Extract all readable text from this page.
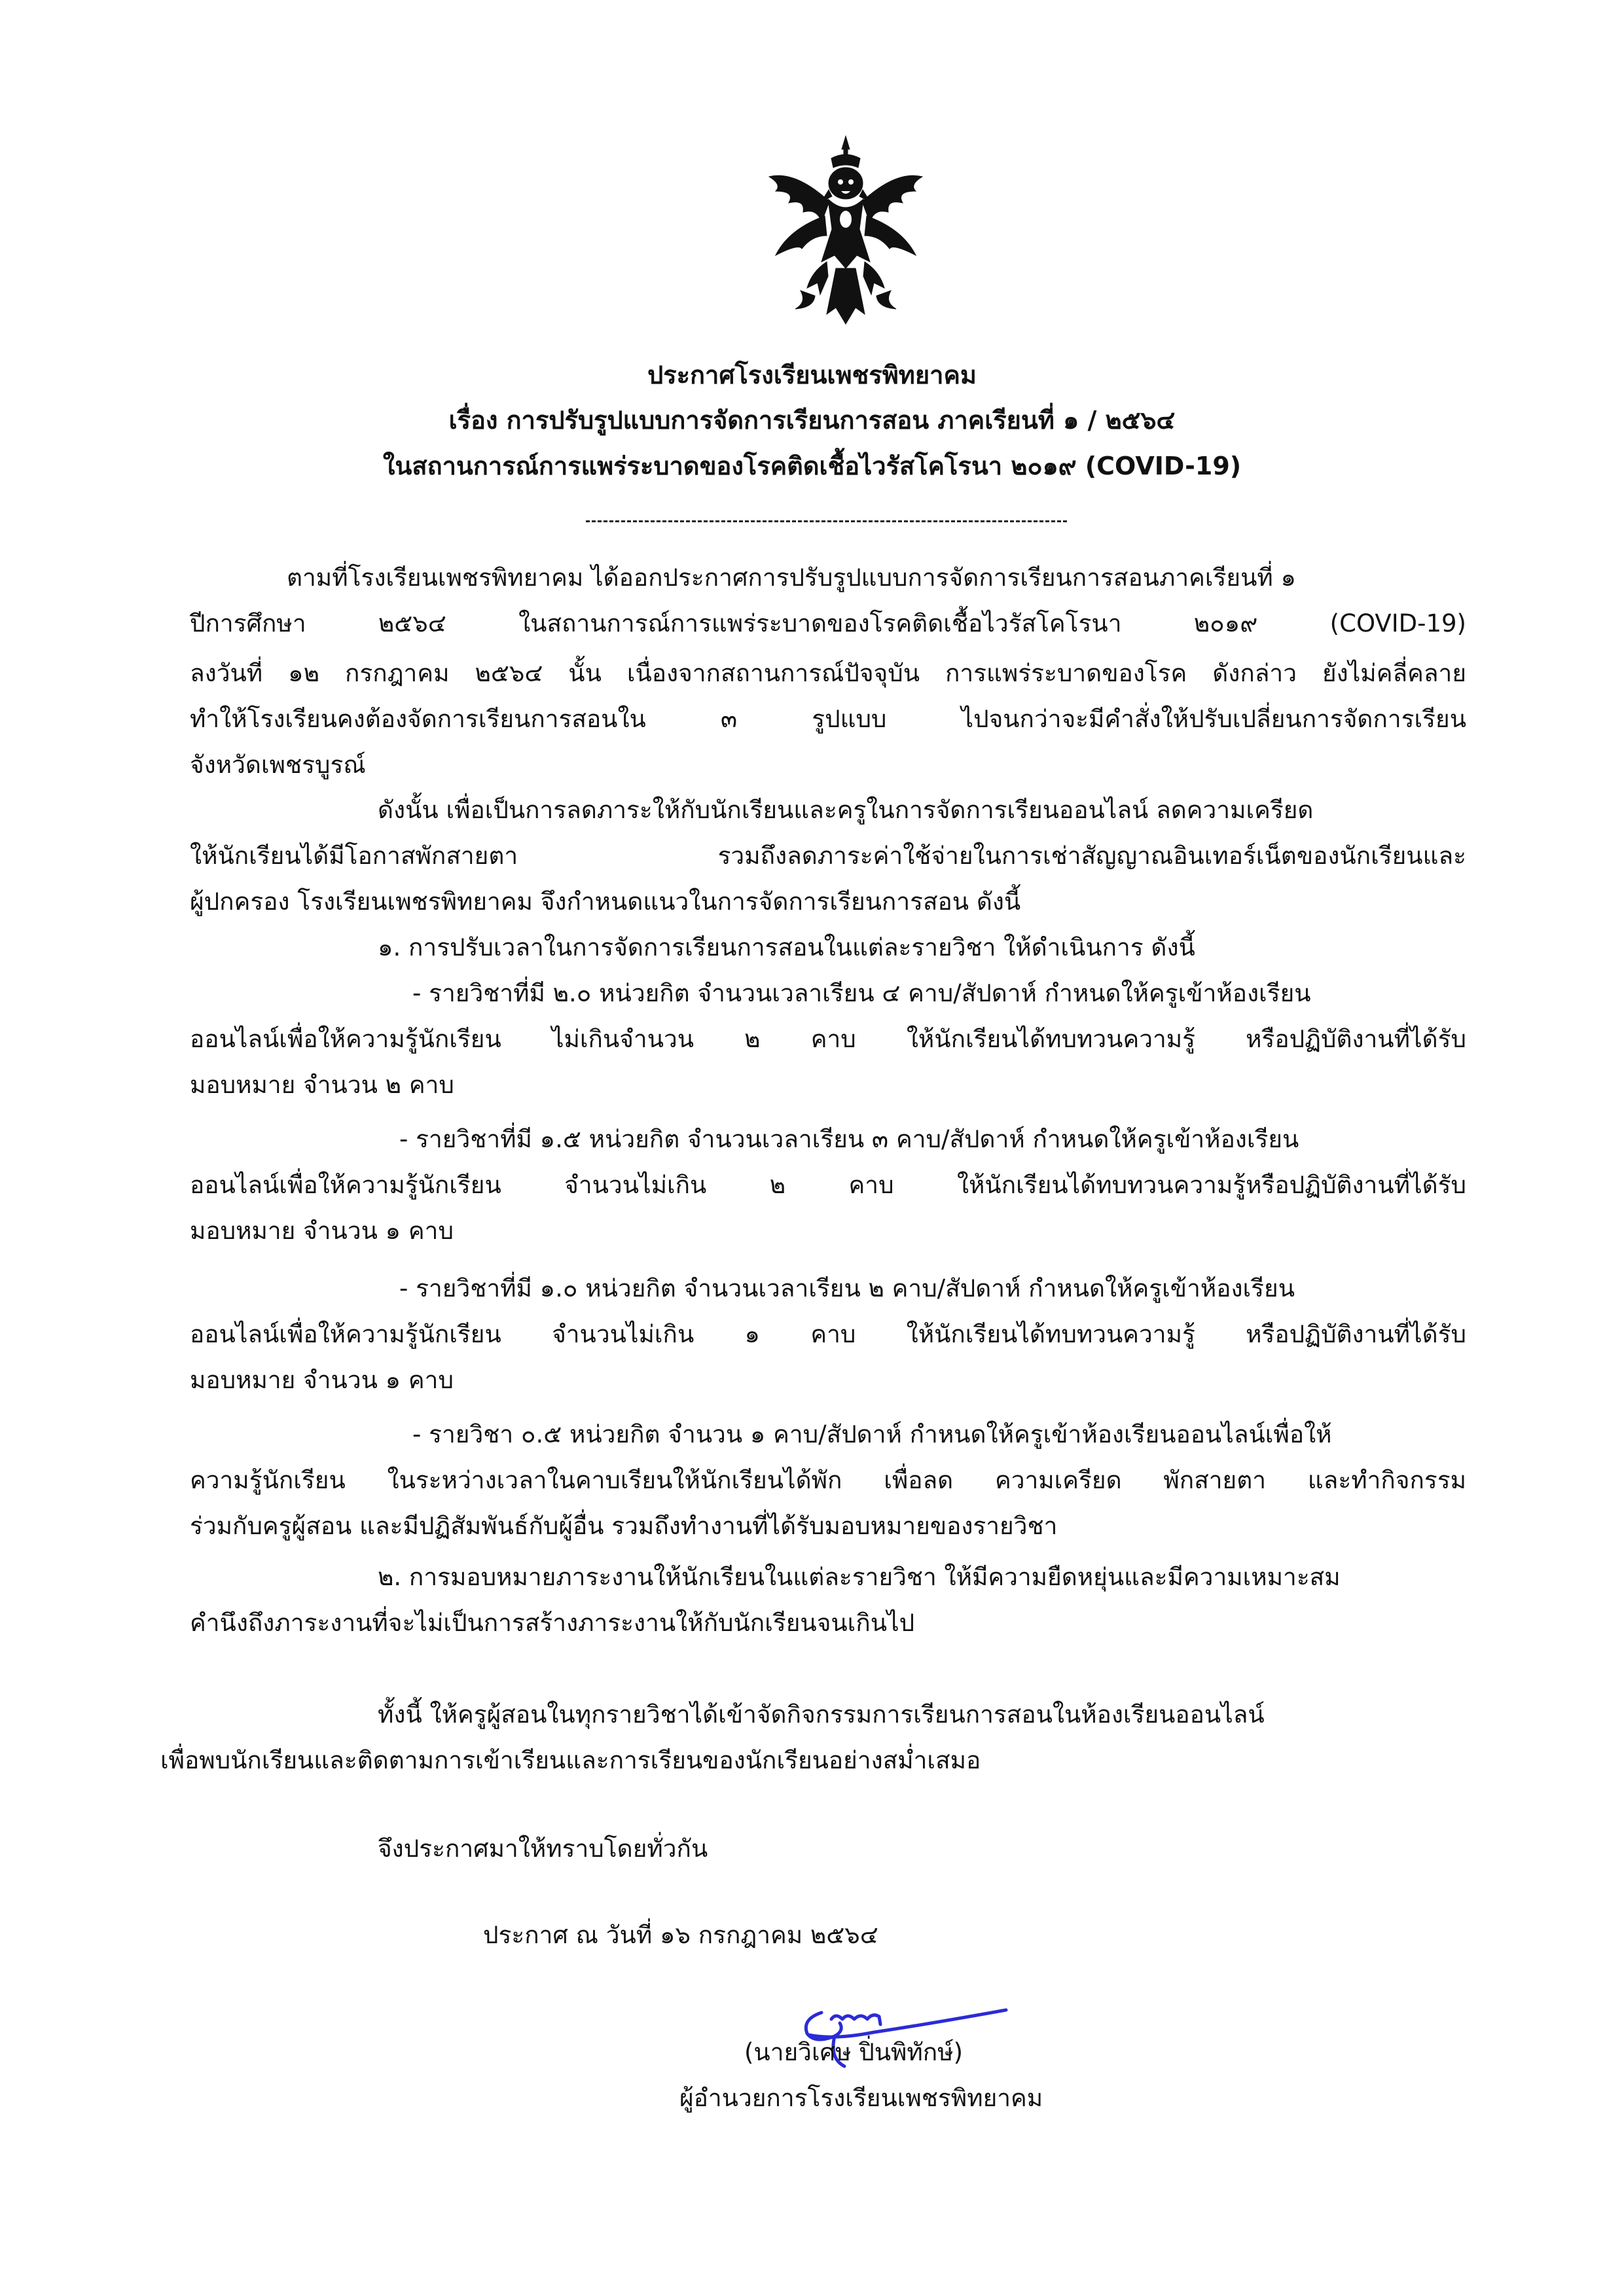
ประกาศโรงเรียนเพชรพิทยาคม
เรื่อง การปรับรูปแบบการจัดการเรียนการสอน ภาคเรียนที่ ๑ / ๒๕๖๔
ในสถานการณ์การแพร่ระบาดของโรคติดเชื้อไวรัสโคโรนา ๒๐๑๙ (COVID-19)
ตามที่โรงเรียนเพชรพิทยาคม ได้ออกประกาศการปรับรูปแบบการจัดการเรียนการสอนภาคเรียนที่ ๑
ปีการศึกษา ๒๕๖๔ ในสถานการณ์การแพร่ระบาดของโรคติดเชื้อไวรัสโคโรนา ๒๐๑๙ (COVID-19)
ลงวันที่ ๑๒ กรกฎาคม ๒๕๖๔ นั้น เนื่องจากสถานการณ์ปัจจุบัน การแพร่ระบาดของโรค ดังกล่าว ยังไม่คลี่คลาย
ทำให้โรงเรียนคงต้องจัดการเรียนการสอนใน ๓ รูปแบบ ไปจนกว่าจะมีคำสั่งให้ปรับเปลี่ยนการจัดการเรียน
จังหวัดเพชรบูรณ์
ดังนั้น เพื่อเป็นการลดภาระให้กับนักเรียนและครูในการจัดการเรียนออนไลน์ ลดความเครียด
ให้นักเรียนได้มีโอกาสพักสายตา รวมถึงลดภาระค่าใช้จ่ายในการเช่าสัญญาณอินเทอร์เน็ตของนักเรียนและ
ผู้ปกครอง โรงเรียนเพชรพิทยาคม จึงกำหนดแนวในการจัดการเรียนการสอน ดังนี้
๑. การปรับเวลาในการจัดการเรียนการสอนในแต่ละรายวิชา ให้ดำเนินการ ดังนี้
- รายวิชาที่มี ๒.๐ หน่วยกิต จำนวนเวลาเรียน ๔ คาบ/สัปดาห์ กำหนดให้ครูเข้าห้องเรียน
ออนไลน์เพื่อให้ความรู้นักเรียน ไม่เกินจำนวน ๒ คาบ ให้นักเรียนได้ทบทวนความรู้ หรือปฏิบัติงานที่ได้รับ
มอบหมาย จำนวน ๒ คาบ
- รายวิชาที่มี ๑.๕ หน่วยกิต จำนวนเวลาเรียน ๓ คาบ/สัปดาห์ กำหนดให้ครูเข้าห้องเรียน
ออนไลน์เพื่อให้ความรู้นักเรียน จำนวนไม่เกิน ๒ คาบ ให้นักเรียนได้ทบทวนความรู้หรือปฏิบัติงานที่ได้รับ
มอบหมาย จำนวน ๑ คาบ
- รายวิชาที่มี ๑.๐ หน่วยกิต จำนวนเวลาเรียน ๒ คาบ/สัปดาห์ กำหนดให้ครูเข้าห้องเรียน
ออนไลน์เพื่อให้ความรู้นักเรียน จำนวนไม่เกิน ๑ คาบ ให้นักเรียนได้ทบทวนความรู้ หรือปฏิบัติงานที่ได้รับ
มอบหมาย จำนวน ๑ คาบ
- รายวิชา ๐.๕ หน่วยกิต จำนวน ๑ คาบ/สัปดาห์ กำหนดให้ครูเข้าห้องเรียนออนไลน์เพื่อให้
ความรู้นักเรียน ในระหว่างเวลาในคาบเรียนให้นักเรียนได้พัก เพื่อลด ความเครียด พักสายตา และทำกิจกรรม
ร่วมกับครูผู้สอน และมีปฏิสัมพันธ์กับผู้อื่น รวมถึงทำงานที่ได้รับมอบหมายของรายวิชา
๒. การมอบหมายภาระงานให้นักเรียนในแต่ละรายวิชา ให้มีความยืดหยุ่นและมีความเหมาะสม
คำนึงถึงภาระงานที่จะไม่เป็นการสร้างภาระงานให้กับนักเรียนจนเกินไป
ทั้งนี้ ให้ครูผู้สอนในทุกรายวิชาได้เข้าจัดกิจกรรมการเรียนการสอนในห้องเรียนออนไลน์
เพื่อพบนักเรียนและติดตามการเข้าเรียนและการเรียนของนักเรียนอย่างสม่ำเสมอ
จึงประกาศมาให้ทราบโดยทั่วกัน
ประกาศ ณ วันที่ ๑๖ กรกฎาคม ๒๕๖๔
(นายวิเศษ ปิ่นพิทักษ์)
ผู้อำนวยการโรงเรียนเพชรพิทยาคม
